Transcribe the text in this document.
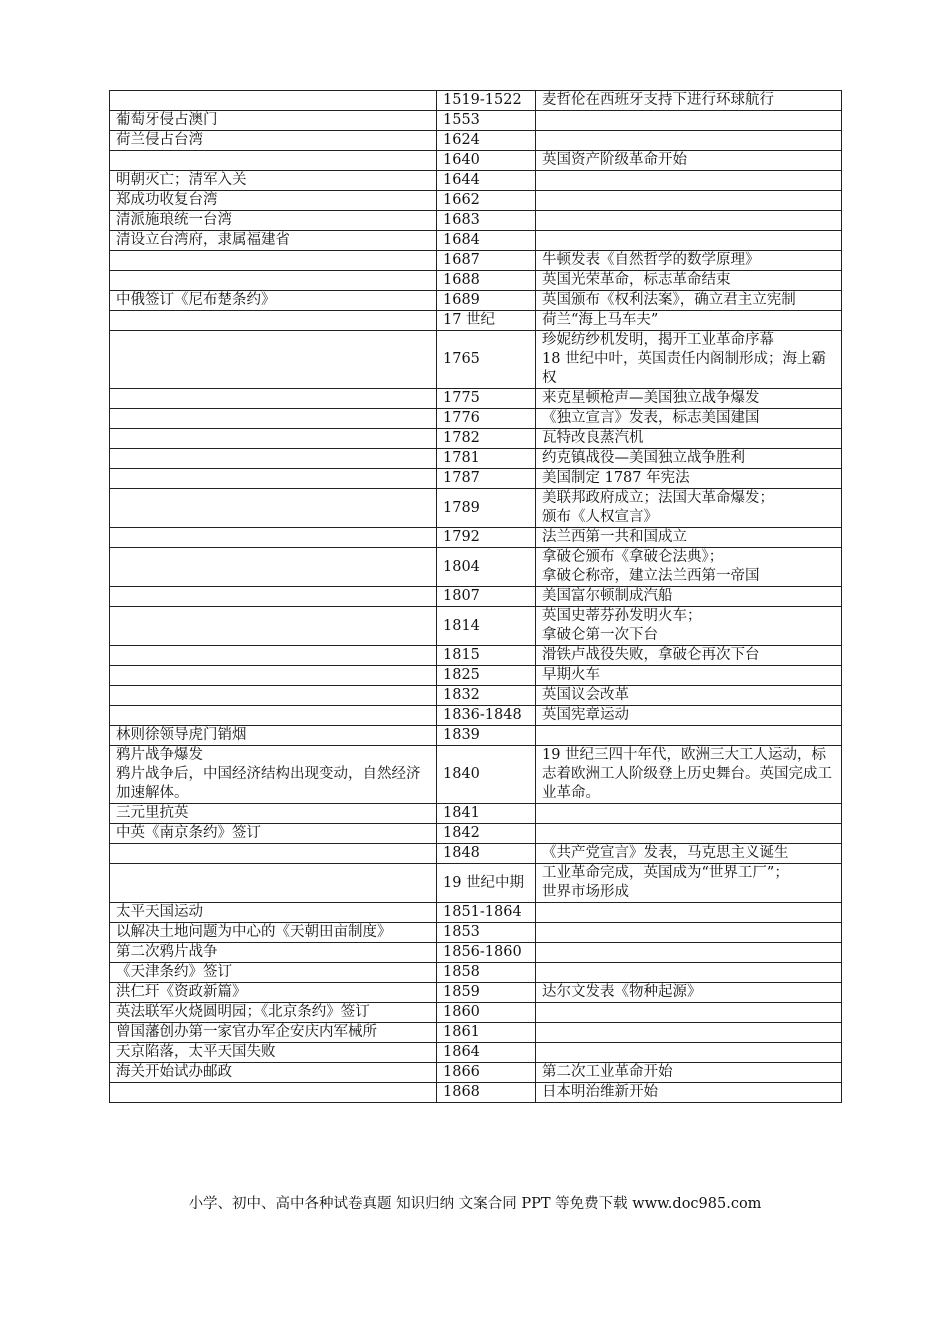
	1519-1522	麦哲伦在西班牙支持下进行环球航行
葡萄牙侵占澳门	1553	
荷兰侵占台湾	1624	
	1640	英国资产阶级革命开始
明朝灭亡；清军入关	1644	
郑成功收复台湾	1662	
清派施琅统一台湾	1683	
清设立台湾府，隶属福建省	1684	
	1687	牛顿发表《自然哲学的数学原理》
	1688	英国光荣革命，标志革命结束
中俄签订《尼布楚条约》	1689	英国颁布《权利法案》，确立君主立宪制
	17 世纪	荷兰“海上马车夫”
	1765	珍妮纺纱机发明，揭开工业革命序幕
18 世纪中叶，英国责任内阁制形成；海上霸权
	1775	来克星顿枪声—美国独立战争爆发
	1776	《独立宣言》发表，标志美国建国
	1782	瓦特改良蒸汽机
	1781	约克镇战役—美国独立战争胜利
	1787	美国制定 1787 年宪法
	1789	美联邦政府成立；法国大革命爆发；
颁布《人权宣言》
	1792	法兰西第一共和国成立
	1804	拿破仑颁布《拿破仑法典》；
拿破仑称帝，建立法兰西第一帝国
	1807	美国富尔顿制成汽船
	1814	英国史蒂芬孙发明火车；
拿破仑第一次下台
	1815	滑铁卢战役失败，拿破仑再次下台
	1825	早期火车
	1832	英国议会改革
	1836-1848	英国宪章运动
林则徐领导虎门销烟	1839	
鸦片战争爆发
鸦片战争后，中国经济结构出现变动，自然经济加速解体。	1840	19 世纪三四十年代，欧洲三大工人运动，标志着欧洲工人阶级登上历史舞台。英国完成工业革命。
三元里抗英	1841	
中英《南京条约》签订	1842	
	1848	《共产党宣言》发表，马克思主义诞生
	19 世纪中期	工业革命完成，英国成为“世界工厂”；
世界市场形成
太平天国运动	1851-1864	
以解决土地问题为中心的《天朝田亩制度》	1853	
第二次鸦片战争	1856-1860	
《天津条约》签订	1858	
洪仁玕《资政新篇》	1859	达尔文发表《物种起源》
英法联军火烧圆明园；《北京条约》签订	1860	
曾国藩创办第一家官办军企安庆内军械所	1861	
天京陷落，太平天国失败	1864	
海关开始试办邮政	1866	第二次工业革命开始
	1868	日本明治维新开始
小学、初中、高中各种试卷真题 知识归纳 文案合同 PPT 等免费下载 www.doc985.com
